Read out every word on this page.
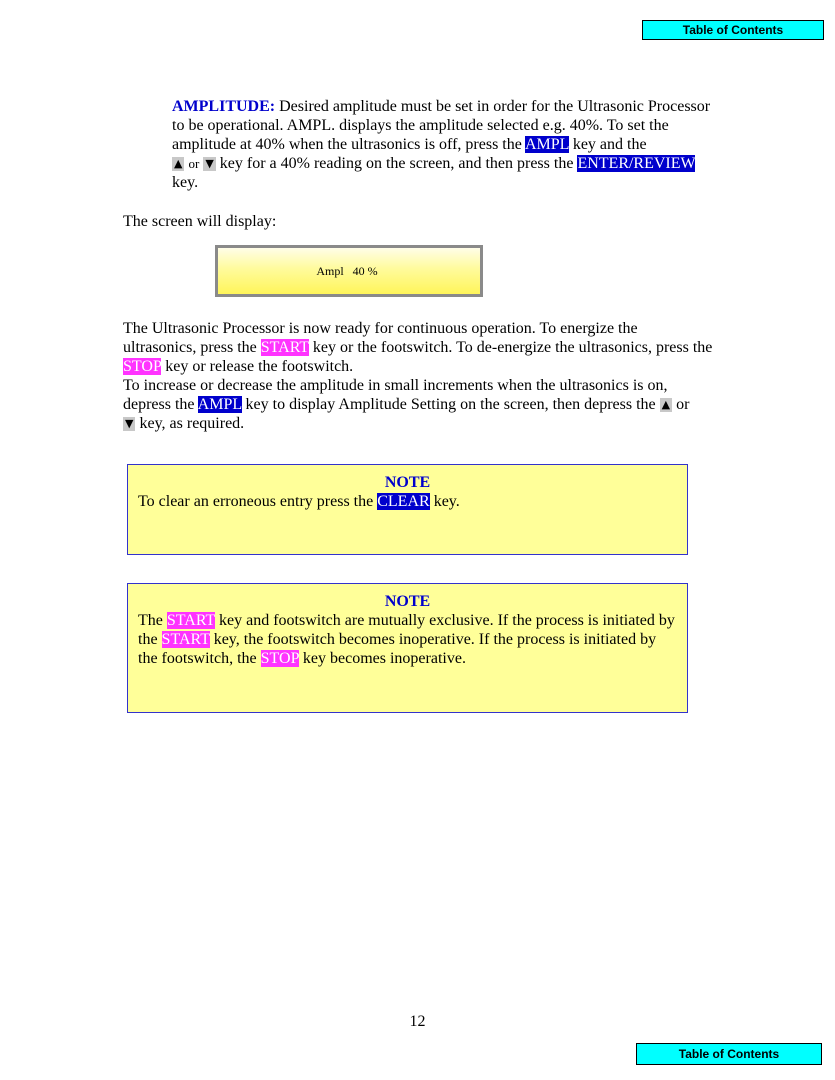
Table of Contents
AMPLITUDE: Desired amplitude must be set in order for the Ultrasonic Processor to be operational. AMPL. displays the amplitude selected e.g. 40%. To set the amplitude at 40% when the ultrasonics is off, press the AMPL key and the
▲ or ▼ key for a 40% reading on the screen, and then press the ENTER/REVIEW key.
The screen will display:
Ampl 40 %
The Ultrasonic Processor is now ready for continuous operation. To energize the ultrasonics, press the START key or the footswitch. To de-energize the ultrasonics, press the STOP key or release the footswitch.
To increase or decrease the amplitude in small increments when the ultrasonics is on, depress the AMPL key to display Amplitude Setting on the screen, then depress the ▲ or
▼ key, as required.
NOTE
To clear an erroneous entry press the CLEAR key.
NOTE
The START key and footswitch are mutually exclusive. If the process is initiated by the START key, the footswitch becomes inoperative. If the process is initiated by the footswitch, the STOP key becomes inoperative.
12
Table of Contents
